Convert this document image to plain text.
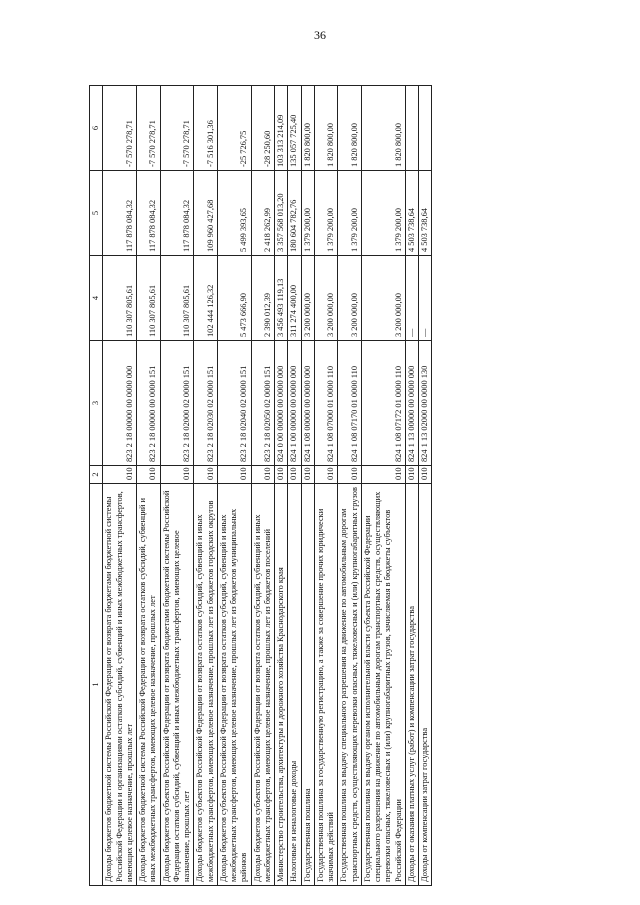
36
1	2	3	4	5	6
Доходы бюджетов бюджетной системы Российской Федерации от возврата бюджетами бюджетной системы Российской Федерации и организациями остатков субсидий, субвенций и иных межбюджетных трансфертов, имеющих целевое назначение, прошлых лет	010	823 2 18 00000 00 0000 000	110 307 805,61	117 878 084,32	-7 570 278,71
Доходы бюджетов бюджетной системы Российской Федерации от возврата остатков субсидий, субвенций и иных межбюджетных трансфертов, имеющих целевое назначение, прошлых лет	010	823 2 18 00000 00 0000 151	110 307 805,61	117 878 084,32	-7 570 278,71
Доходы бюджетов субъектов Российской Федерации от возврата бюджетами бюджетной системы Российской Федерации остатков субсидий, субвенций и иных межбюджетных трансфертов, имеющих целевое назначение, прошлых лет	010	823 2 18 02000 02 0000 151	110 307 805,61	117 878 084,32	-7 570 278,71
Доходы бюджетов субъектов Российской Федерации от возврата остатков субсидий, субвенций и иных межбюджетных трансфертов, имеющих целевое назначение, прошлых лет из бюджетов городских округов	010	823 2 18 02030 02 0000 151	102 444 126,32	109 960 427,68	-7 516 301,36
Доходы бюджетов субъектов Российской Федерации от возврата остатков субсидий, субвенций и иных межбюджетных трансфертов, имеющих целевое назначение, прошлых лет из бюджетов муниципальных районов	010	823 2 18 02040 02 0000 151	5 473 666,90	5 499 393,65	-25 726,75
Доходы бюджетов субъектов Российской Федерации от возврата остатков субсидий, субвенций и иных межбюджетных трансфертов, имеющих целевое назначение, прошлых лет из бюджетов поселений	010	823 2 18 02050 02 0000 151	2 390 012,39	2 418 262,99	-28 250,60
Министерство строительства, архитектуры и дорожного хозяйства Краснодарского края	010	824 0 00 00000 00 0000 000	3 456 493 119,13	3 357 568 013,20	103 313 214,09
Налоговые и неналоговые доходы	010	824 1 00 00000 00 0000 000	311 274 400,00	180 604 782,76	135 057 725,40
Государственная пошлина	010	824 1 08 00000 00 0000 000	3 200 000,00	1 379 200,00	1 820 800,00
Государственная пошлина за государственную регистрацию, а также за совершение прочих юридически значимых действий	010	824 1 08 07000 01 0000 110	3 200 000,00	1 379 200,00	1 820 800,00
Государственная пошлина за выдачу специального разрешения на движение по автомобильным дорогам транспортных средств, осуществляющих перевозки опасных, тяжеловесных и (или) крупногабаритных грузов	010	824 1 08 07170 01 0000 110	3 200 000,00	1 379 200,00	1 820 800,00
Государственная пошлина за выдачу органом исполнительной власти субъекта Российской Федерации специального разрешения на движение по автомобильным дорогам транспортных средств, осуществляющих перевозки опасных, тяжеловесных и (или) крупногабаритных грузов, зачисляемая в бюджеты субъектов Российской Федерации	010	824 1 08 07172 01 0000 110	3 200 000,00	1 379 200,00	1 820 800,00
Доходы от оказания платных услуг (работ) и компенсации затрат государства	010	824 1 13 00000 00 0000 000	—	4 503 738,64	
Доходы от компенсации затрат государства	010	824 1 13 02000 00 0000 130	—	4 503 738,64	
